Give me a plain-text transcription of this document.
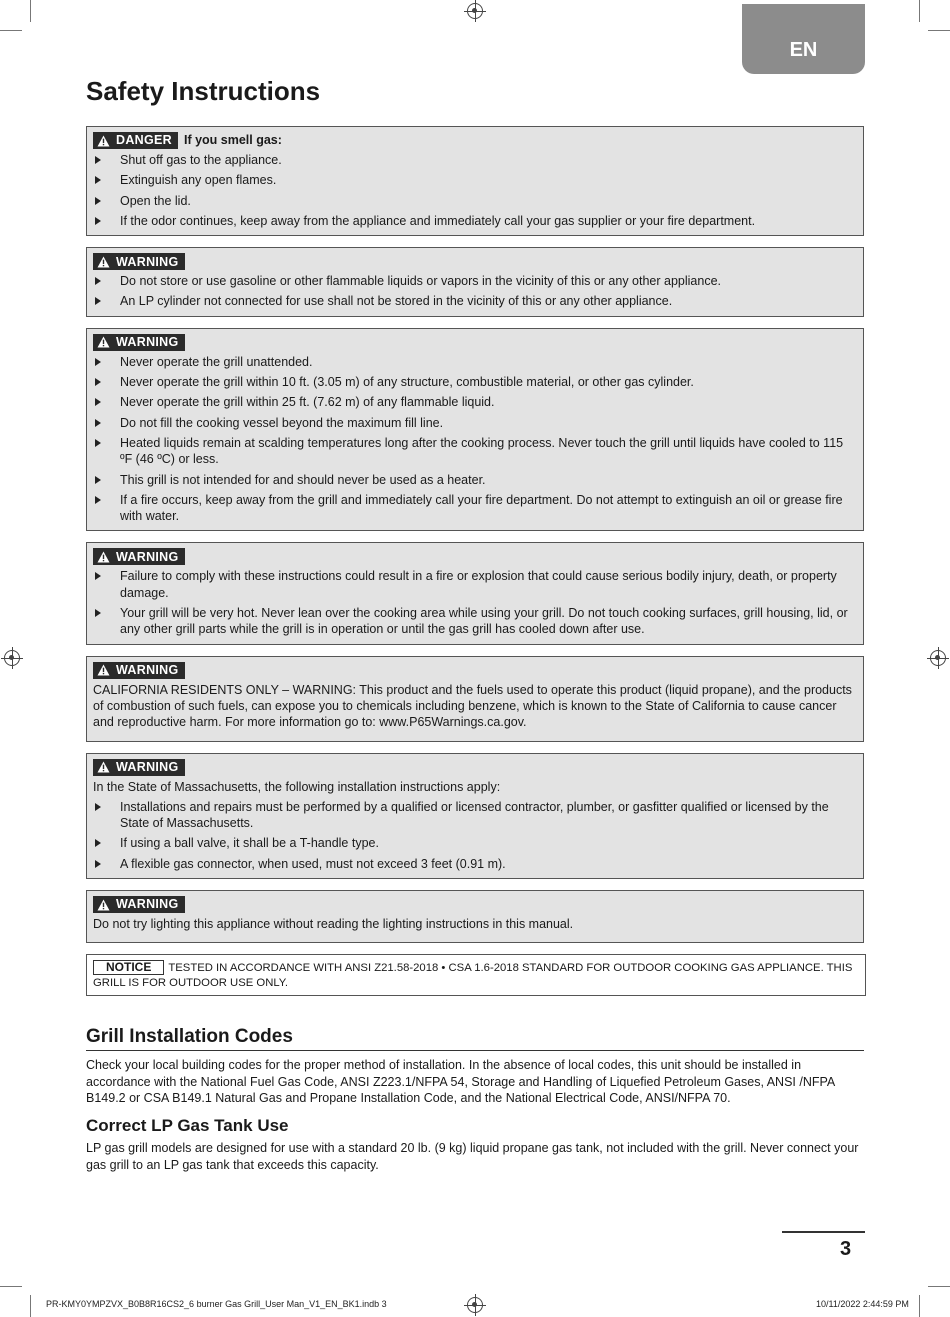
EN
Safety Instructions
DANGER If you smell gas:
Shut off gas to the appliance.
Extinguish any open flames.
Open the lid.
If the odor continues, keep away from the appliance and immediately call your gas supplier or your fire department.
WARNING
Do not store or use gasoline or other flammable liquids or vapors in the vicinity of this or any other appliance.
An LP cylinder not connected for use shall not be stored in the vicinity of this or any other appliance.
WARNING
Never operate the grill unattended.
Never operate the grill within 10 ft. (3.05 m) of any structure, combustible material, or other gas cylinder.
Never operate the grill within 25 ft. (7.62 m) of any flammable liquid.
Do not fill the cooking vessel beyond the maximum fill line.
Heated liquids remain at scalding temperatures long after the cooking process. Never touch the grill until liquids have cooled to 115 ºF (46 ºC) or less.
This grill is not intended for and should never be used as a heater.
If a fire occurs, keep away from the grill and immediately call your fire department. Do not attempt to extinguish an oil or grease fire with water.
WARNING
Failure to comply with these instructions could result in a fire or explosion that could cause serious bodily injury, death, or property damage.
Your grill will be very hot. Never lean over the cooking area while using your grill. Do not touch cooking surfaces, grill housing, lid, or any other grill parts while the grill is in operation or until the gas grill has cooled down after use.
WARNING

CALIFORNIA RESIDENTS ONLY – WARNING: This product and the fuels used to operate this product (liquid propane), and the products of combustion of such fuels, can expose you to chemicals including benzene, which is known to the State of California to cause cancer and reproductive harm. For more information go to: www.P65Warnings.ca.gov.

WARNING

In the State of Massachusetts, the following installation instructions apply:

Installations and repairs must be performed by a qualified or licensed contractor, plumber, or gasfitter qualified or licensed by the State of Massachusetts.
If using a ball valve, it shall be a T-handle type.
A flexible gas connector, when used, must not exceed 3 feet (0.91 m).
WARNING

Do not try lighting this appliance without reading the lighting instructions in this manual.

NOTICE TESTED IN ACCORDANCE WITH ANSI Z21.58-2018 • CSA 1.6-2018 STANDARD FOR OUTDOOR COOKING GAS APPLIANCE. THIS GRILL IS FOR OUTDOOR USE ONLY.
Grill Installation Codes

Check your local building codes for the proper method of installation. In the absence of local codes, this unit should be installed in accordance with the National Fuel Gas Code, ANSI Z223.1/NFPA 54, Storage and Handling of Liquefied Petroleum Gases, ANSI /NFPA B149.2 or CSA B149.1 Natural Gas and Propane Installation Code, and the National Electrical Code, ANSI/NFPA 70.

Correct LP Gas Tank Use

LP gas grill models are designed for use with a standard 20 lb. (9 kg) liquid propane gas tank, not included with the grill. Never connect your gas grill to an LP gas tank that exceeds this capacity.

3
PR-KMY0YMPZVX_B0B8R16CS2_6 burner Gas Grill_User Man_V1_EN_BK1.indb 3	10/11/2022 2:44:59 PM
